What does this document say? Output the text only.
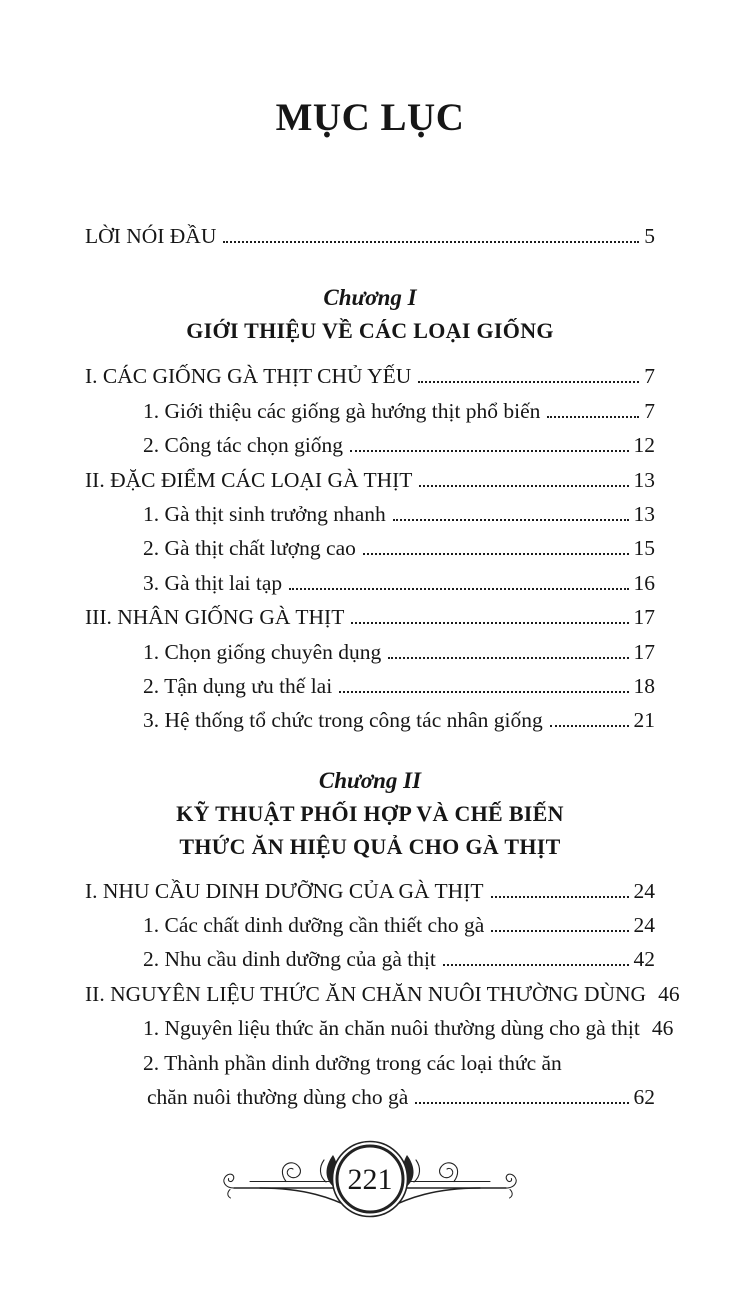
MỤC LỤC
LỜI NÓI ĐẦU	5
Chương I
GIỚI THIỆU VỀ CÁC LOẠI GIỐNG
I. CÁC GIỐNG GÀ THỊT CHỦ YẾU	7
1. Giới thiệu các giống gà hướng thịt phổ biến	7
2. Công tác chọn giống	12
II. ĐẶC ĐIỂM CÁC LOẠI GÀ THỊT	13
1. Gà thịt sinh trưởng nhanh	13
2. Gà thịt chất lượng cao	15
3. Gà thịt lai tạp	16
III. NHÂN GIỐNG GÀ THỊT	17
1. Chọn giống chuyên dụng	17
2. Tận dụng ưu thế lai	18
3. Hệ thống tổ chức trong công tác nhân giống	21
Chương II
KỸ THUẬT PHỐI HỢP VÀ CHẾ BIẾN
THỨC ĂN HIỆU QUẢ CHO GÀ THỊT
I. NHU CẦU DINH DƯỠNG CỦA GÀ THỊT	24
1. Các chất dinh dưỡng cần thiết cho gà	24
2. Nhu cầu dinh dưỡng của gà thịt	42
II. NGUYÊN LIỆU THỨC ĂN CHĂN NUÔI THƯỜNG DÙNG 46
1. Nguyên liệu thức ăn chăn nuôi thường dùng cho gà thịt 46
2. Thành phần dinh dưỡng trong các loại thức ăn
chăn nuôi thường dùng cho gà	62
221
